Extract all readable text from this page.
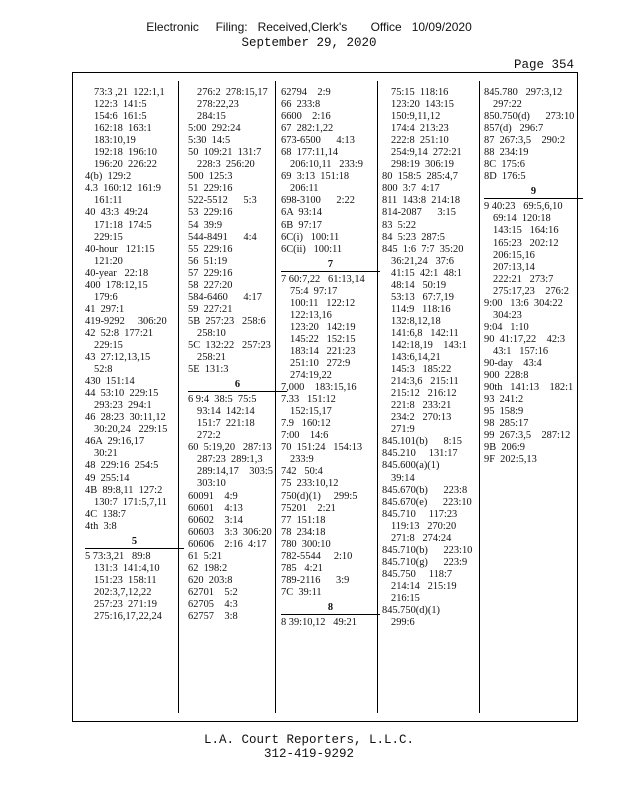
Electronic     Filing:   Received,Clerk's       Office   10/09/2020
September 29, 2020
Page 354
73:3 ,21  122:1,1
122:3  141:5
154:6  161:5
162:18  163:1
183:10,19
192:18  196:10
196:20  226:22
4(b)  129:2
4.3  160:12  161:9
161:11
40  43:3  49:24
171:18  174:5
229:15
40-hour   121:15
121:20
40-year   22:18
400  178:12,15
179:6
41  297:1
419-9292     306:20
42  52:8  177:21
229:15
43  27:12,13,15
52:8
430  151:14
44  53:10  229:15
293:23  294:1
46  28:23  30:11,12
30:20,24   229:15
46A  29:16,17
30:21
48  229:16  254:5
49  255:14
4B  89:8,11  127:2
130:7  171:5,7,11
4C  138:7
4th  3:8
5
5 73:3,21   89:8
131:3  141:4,10
151:23  158:11
202:3,7,12,22
257:23  271:19
275:16,17,22,24
276:2  278:15,17
278:22,23
284:15
5:00  292:24
5:30  14:5
50  109:21  131:7
228:3  256:20
500  125:3
51  229:16
522-5512      5:3
53  229:16
54  39:9
544-8491      4:4
55  229:16
56  51:19
57  229:16
58  227:20
584-6460      4:17
59  227:21
5B  257:23   258:6
258:10
5C  132:22   257:23
258:21
5E  131:3
6
6 9:4  38:5  75:5
93:14  142:14
151:7  221:18
272:2
60  5:19,20   287:13
287:23  289:1,3
289:14,17    303:5
303:10
60091    4:9
60601    4:13
60602    3:14
60603    3:3  306:20
60606    2:16  4:17
61  5:21
62  198:2
620  203:8
62701    5:2
62705    4:3
62757    3:8
62794    2:9
66  233:8
6600    2:16
67  282:1,22
673-6500      4:13
68  177:11,14
206:10,11   233:9
69  3:13  151:18
206:11
698-3100      2:22
6A  93:14
6B  97:17
6C(i)   100:11
6C(ii)   100:11
7
7 60:7,22   61:13,14
75:4  97:17
100:11   122:12
122:13,16
123:20   142:19
145:22   152:15
183:14   221:23
251:10   272:9
274:19,22
7,000    183:15,16
7.33   151:12
152:15,17
7.9   160:12
7:00    14:6
70  151:24   154:13
233:9
742   50:4
75  233:10,12
750(d)(1)     299:5
75201    2:21
77  151:18
78  234:18
780  300:10
782-5544     2:10
785   4:21
789-2116      3:9
7C  39:11
8
8 39:10,12   49:21
75:15  118:16
123:20  143:15
150:9,11,12
174:4  213:23
222:8  251:10
254:9,14  272:21
298:19  306:19
80  158:5  285:4,7
800  3:7  4:17
811  143:8  214:18
814-2087      3:15
83  5:22
84  5:23  287:5
845  1:6  7:7  35:20
36:21,24   37:6
41:15  42:1  48:1
48:14   50:19
53:13   67:7,19
114:9   118:16
132:8,12,18
141:6,8   142:11
142:18,19    143:1
143:6,14,21
145:3   185:22
214:3,6   215:11
215:12   216:12
221:8   233:21
234:2   270:13
271:9
845.101(b)      8:15
845.210     131:17
845.600(a)(1)
39:14
845.670(b)      223:8
845.670(e)      223:10
845.710     117:23
119:13   270:20
271:8   274:24
845.710(b)      223:10
845.710(g)      223:9
845.750     118:7
214:14   215:19
216:15
845.750(d)(1)
299:6
845.780   297:3,12
297:22
850.750(d)      273:10
857(d)   296:7
87  267:3,5    290:2
88  234:19
8C  175:6
8D  176:5
9
9 40:23   69:5,6,10
69:14  120:18
143:15   164:16
165:23   202:12
206:15,16
207:13,14
222:21   273:7
275:17,23    276:2
9:00   13:6  304:22
304:23
9:04   1:10
90  41:17,22    42:3
43:1   157:16
90-day    43:4
900  228:8
90th   141:13    182:1
93  241:2
95  158:9
98  285:17
99  267:3,5    287:12
9B  206:9
9F  202:5,13
L.A. Court Reporters, L.L.C.
312-419-9292
